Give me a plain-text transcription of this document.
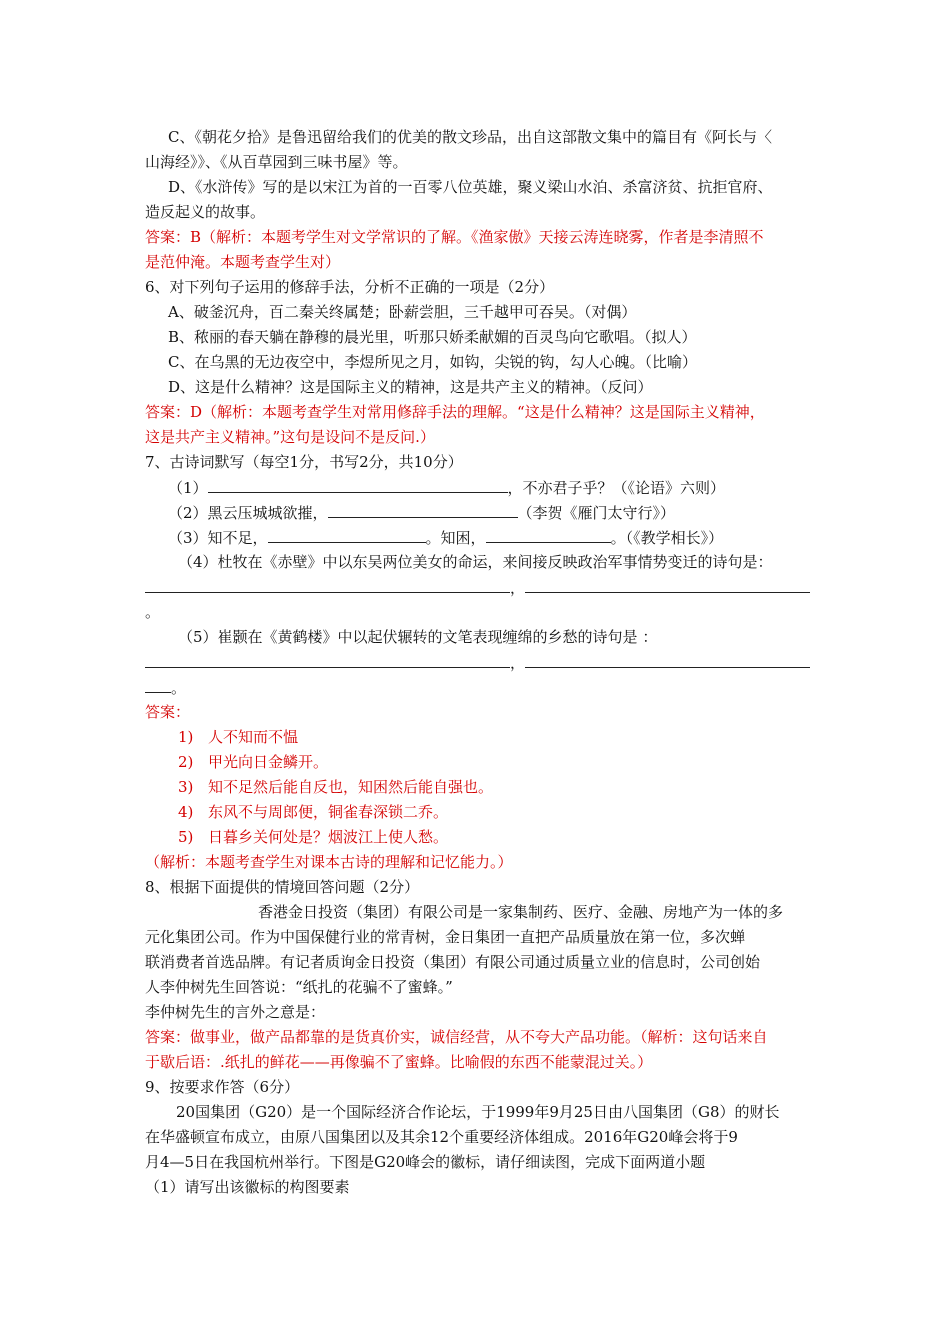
C、《朝花夕拾》是鲁迅留给我们的优美的散文珍品，出自这部散文集中的篇目有《阿长与〈
山海经》》、《从百草园到三味书屋》等。
D、《水浒传》写的是以宋江为首的一百零八位英雄，聚义梁山水泊、杀富济贫、抗拒官府、
造反起义的故事。
答案：B（解析：本题考学生对文学常识的了解。《渔家傲》天接云涛连晓雾，作者是李清照不
是范仲淹。本题考查学生对）
6、对下列句子运用的修辞手法，分析不正确的一项是（2分）
A、破釜沉舟，百二秦关终属楚；卧薪尝胆，三千越甲可吞吴。（对偶）
B、秾丽的春天躺在静穆的晨光里，听那只娇柔献媚的百灵鸟向它歌唱。（拟人）
C、在乌黑的无边夜空中，李煜所见之月，如钩，尖锐的钩，勾人心魄。（比喻）
D、这是什么精神？这是国际主义的精神，这是共产主义的精神。（反问）
答案：D（解析：本题考查学生对常用修辞手法的理解。“这是什么精神？这是国际主义精神，
这是共产主义精神。”这句是设问不是反问.）
7、古诗词默写（每空1分，书写2分，共10分）
（1）	，不亦君子乎？（《论语》六则）
（2）黑云压城城欲摧，	（李贺《雁门太守行》）
（3）知不足，	。知困，	。（《教学相长》）
（4）杜牧在《赤壁》中以东吴两位美女的命运，来间接反映政治军事情势变迁的诗句是：
，
。
（5）崔颢在《黄鹤楼》中以起伏辗转的文笔表现缠绵的乡愁的诗句是 ：
，
。
答案：
1) 人不知而不愠
2) 甲光向日金鳞开。
3) 知不足然后能自反也，知困然后能自强也。
4) 东风不与周郎便，铜雀春深锁二乔。
5) 日暮乡关何处是？烟波江上使人愁。
（解析：本题考查学生对课本古诗的理解和记忆能力。）
8、根据下面提供的情境回答问题（2分）
香港金日投资（集团）有限公司是一家集制药、医疗、金融、房地产为一体的多
元化集团公司。作为中国保健行业的常青树，金日集团一直把产品质量放在第一位，多次蝉
联消费者首选品牌。有记者质询金日投资（集团）有限公司通过质量立业的信息时，公司创始
人李仲树先生回答说：“纸扎的花骗不了蜜蜂。”
李仲树先生的言外之意是：
答案：做事业，做产品都靠的是货真价实，诚信经营，从不夸大产品功能。（解析：这句话来自
于歇后语：.纸扎的鲜花——再像骗不了蜜蜂。比喻假的东西不能蒙混过关。）
9、按要求作答（6分）
20国集团（G20）是一个国际经济合作论坛，于1999年9月25日由八国集团（G8）的财长
在华盛顿宣布成立，由原八国集团以及其余12个重要经济体组成。2016年G20峰会将于9
月4—5日在我国杭州举行。下图是G20峰会的徽标，请仔细读图，完成下面两道小题
（1）请写出该徽标的构图要素
